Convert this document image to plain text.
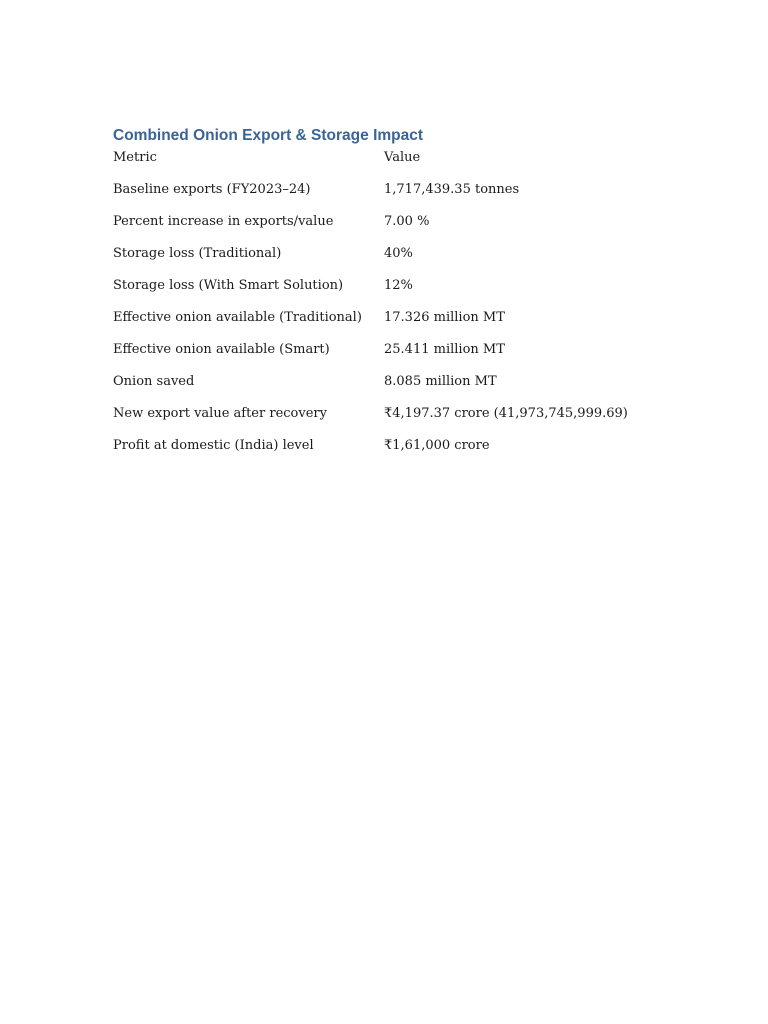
Combined Onion Export & Storage Impact
Metric	Value
Baseline exports (FY2023–24)	1,717,439.35 tonnes
Percent increase in exports/value	7.00 %
Storage loss (Traditional)	40%
Storage loss (With Smart Solution)	12%
Effective onion available (Traditional)	17.326 million MT
Effective onion available (Smart)	25.411 million MT
Onion saved	8.085 million MT
New export value after recovery	₹4,197.37 crore (41,973,745,999.69)
Profit at domestic (India) level	₹1,61,000 crore
